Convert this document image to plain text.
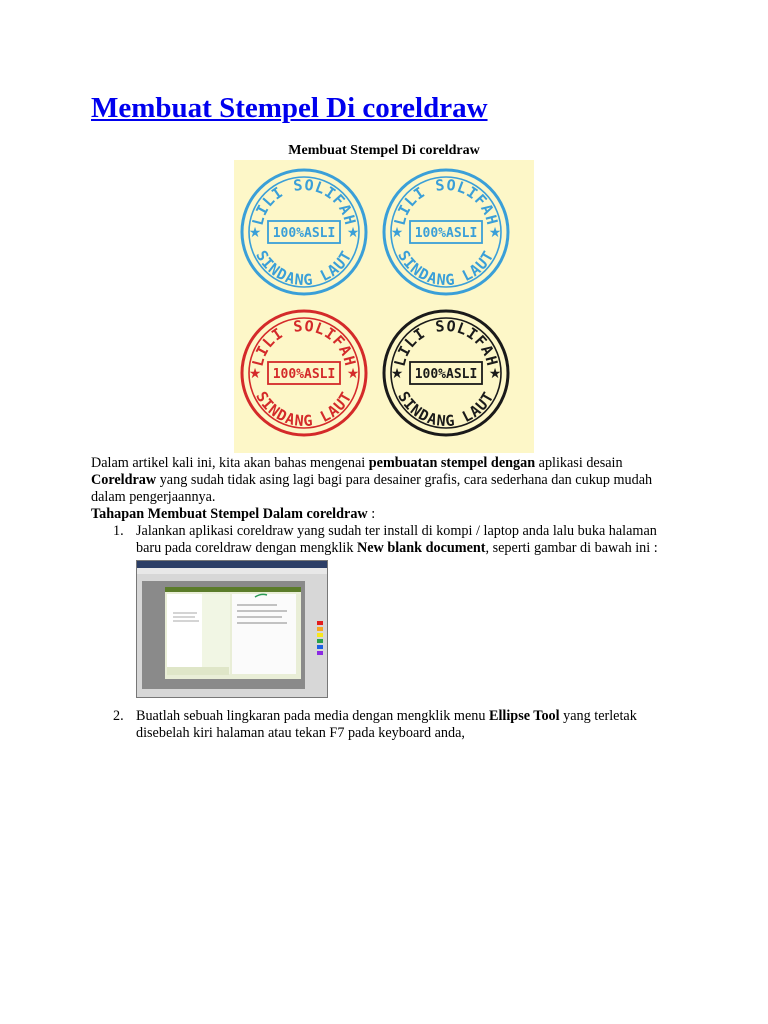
Membuat Stempel Di coreldraw
Membuat Stempel Di coreldraw
LILI SOLIFAH
SINDANG LAUT
100%ASLI
★	★
LILI SOLIFAH
SINDANG LAUT
100%ASLI
★	★
LILI SOLIFAH
SINDANG LAUT
100%ASLI
★	★
LILI SOLIFAH
SINDANG LAUT
100%ASLI
★	★

Dalam artikel kali ini, kita akan bahas mengenai pembuatan stempel dengan aplikasi desain Coreldraw yang sudah tidak asing lagi bagi para desainer grafis, cara sederhana dan cukup mudah dalam pengerjaannya.

Tahapan Membuat Stempel Dalam coreldraw :

1. Jalankan aplikasi coreldraw yang sudah ter install di kompi / laptop anda lalu buka halaman baru pada coreldraw dengan mengklik New blank document, seperti gambar di bawah ini :
2. Buatlah sebuah lingkaran pada media dengan mengklik menu Ellipse Tool yang terletak disebelah kiri halaman atau tekan F7 pada keyboard anda,
